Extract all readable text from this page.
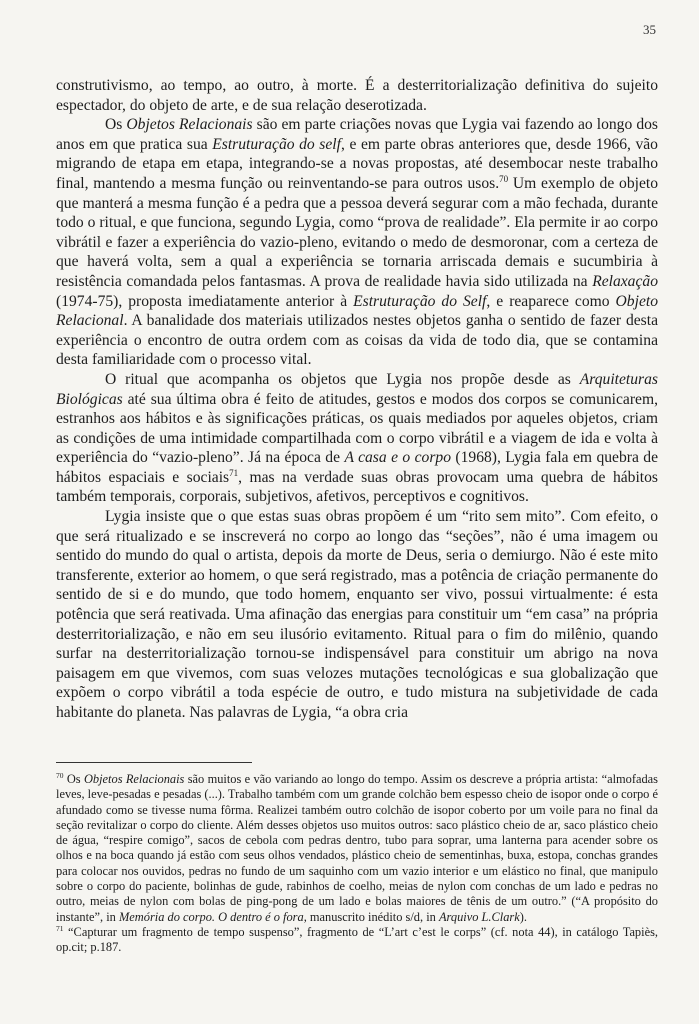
35

construtivismo, ao tempo, ao outro, à morte. É a desterritorialização definitiva do sujeito espectador, do objeto de arte, e de sua relação deserotizada.

Os Objetos Relacionais são em parte criações novas que Lygia vai fazendo ao longo dos anos em que pratica sua Estruturação do self, e em parte obras anteriores que, desde 1966, vão migrando de etapa em etapa, integrando-se a novas propostas, até desembocar neste trabalho final, mantendo a mesma função ou reinventando-se para outros usos.$^{70}$ Um exemplo de objeto que manterá a mesma função é a pedra que a pessoa deverá segurar com a mão fechada, durante todo o ritual, e que funciona, segundo Lygia, como “prova de realidade”. Ela permite ir ao corpo vibrátil e fazer a experiência do vazio-pleno, evitando o medo de desmoronar, com a certeza de que haverá volta, sem a qual a experiência se tornaria arriscada demais e sucumbiria à resistência comandada pelos fantasmas. A prova de realidade havia sido utilizada na Relaxação (1974-75), proposta imediatamente anterior à Estruturação do Self, e reaparece como Objeto Relacional. A banalidade dos materiais utilizados nestes objetos ganha o sentido de fazer desta experiência o encontro de outra ordem com as coisas da vida de todo dia, que se contamina desta familiaridade com o processo vital.

O ritual que acompanha os objetos que Lygia nos propõe desde as Arquiteturas Biológicas até sua última obra é feito de atitudes, gestos e modos dos corpos se comunicarem, estranhos aos hábitos e às significações práticas, os quais mediados por aqueles objetos, criam as condições de uma intimidade compartilhada com o corpo vibrátil e a viagem de ida e volta à experiência do “vazio-pleno”. Já na época de A casa e o corpo (1968), Lygia fala em quebra de hábitos espaciais e sociais$^{71}$, mas na verdade suas obras provocam uma quebra de hábitos também temporais, corporais, subjetivos, afetivos, perceptivos e cognitivos.

Lygia insiste que o que estas suas obras propõem é um “rito sem mito”. Com efeito, o que será ritualizado e se inscreverá no corpo ao longo das “seções”, não é uma imagem ou sentido do mundo do qual o artista, depois da morte de Deus, seria o demiurgo. Não é este mito transferente, exterior ao homem, o que será registrado, mas a potência de criação permanente do sentido de si e do mundo, que todo homem, enquanto ser vivo, possui virtualmente: é esta potência que será reativada. Uma afinação das energias para constituir um “em casa” na própria desterritorialização, e não em seu ilusório evitamento. Ritual para o fim do milênio, quando surfar na desterritorialização tornou-se indispensável para constituir um abrigo na nova paisagem em que vivemos, com suas velozes mutações tecnológicas e sua globalização que expõem o corpo vibrátil a toda espécie de outro, e tudo mistura na subjetividade de cada habitante do planeta. Nas palavras de Lygia, “a obra cria

$^{70}$ Os Objetos Relacionais são muitos e vão variando ao longo do tempo. Assim os descreve a própria artista: “almofadas leves, leve-pesadas e pesadas (...). Trabalho também com um grande colchão bem espesso cheio de isopor onde o corpo é afundado como se tivesse numa fôrma. Realizei também outro colchão de isopor coberto por um voile para no final da seção revitalizar o corpo do cliente. Além desses objetos uso muitos outros: saco plástico cheio de ar, saco plástico cheio de água, “respire comigo”, sacos de cebola com pedras dentro, tubo para soprar, uma lanterna para acender sobre os olhos e na boca quando já estão com seus olhos vendados, plástico cheio de sementinhas, buxa, estopa, conchas grandes para colocar nos ouvidos, pedras no fundo de um saquinho com um vazio interior e um elástico no final, que manipulo sobre o corpo do paciente, bolinhas de gude, rabinhos de coelho, meias de nylon com conchas de um lado e pedras no outro, meias de nylon com bolas de ping-pong de um lado e bolas maiores de tênis de um outro.” (“A propósito do instante”, in Memória do corpo. O dentro é o fora, manuscrito inédito s/d, in Arquivo L.Clark).

$^{71}$ “Capturar um fragmento de tempo suspenso”, fragmento de “L’art c’est le corps” (cf. nota 44), in catálogo Tapiès, op.cit; p.187.
